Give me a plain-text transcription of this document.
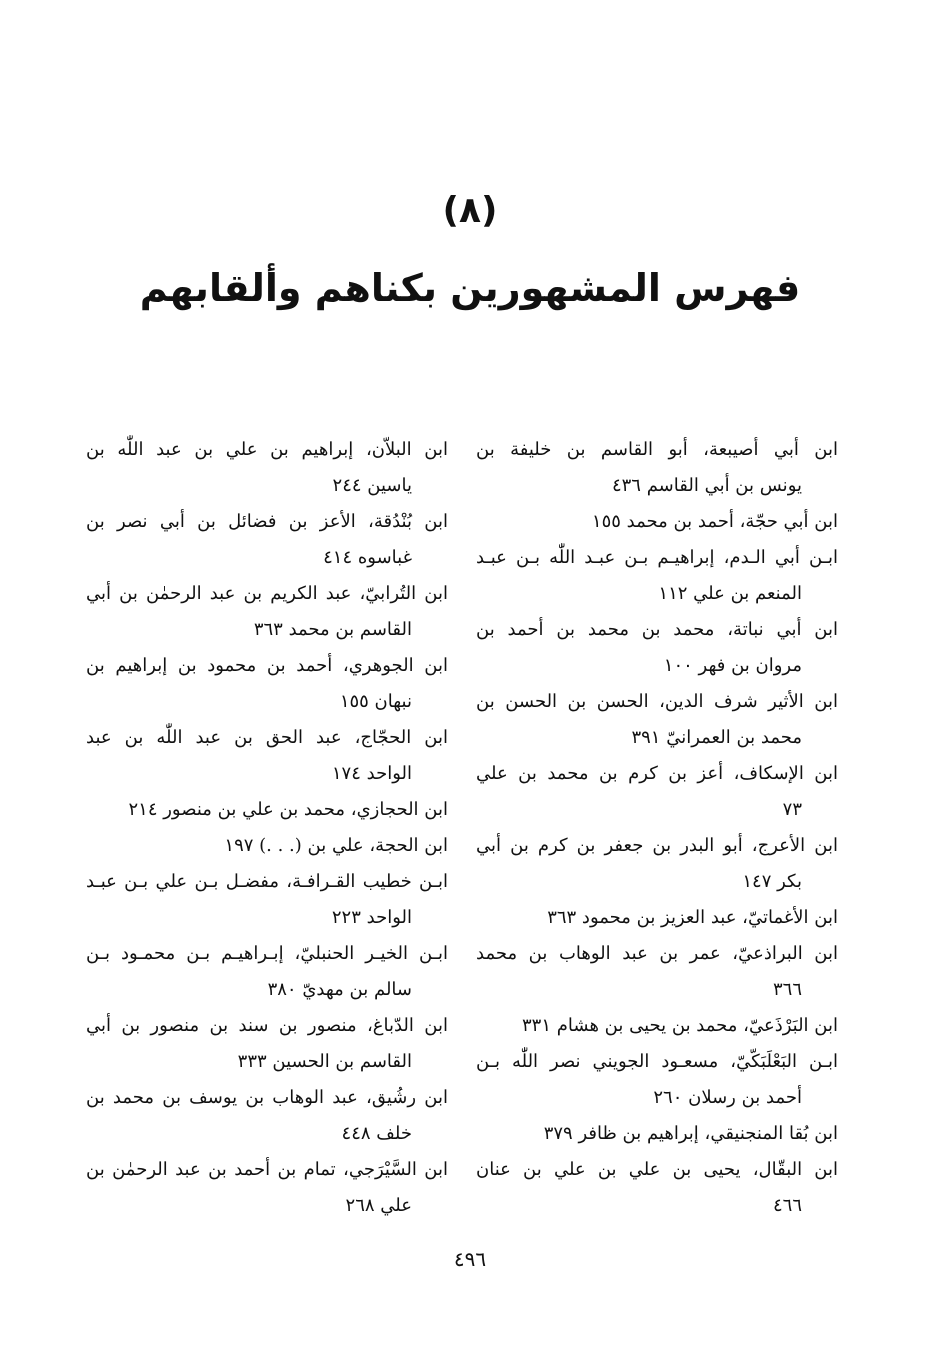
(٨)
فهرس المشهورين بكناهم وألقابهم
ابن أبي أصيبعة، أبو القاسم بن خليفة بن
يونس بن أبي القاسم ٤٣٦
ابن أبي حجّة، أحمد بن محمد ١٥٥
ابـن أبي الـدم، إبراهيـم بـن عبـد اللّٰه بـن عبـد
المنعم بن علي ١١٢
ابن أبي نباتة، محمد بن محمد بن أحمد بن
مروان بن فهر ١٠٠
ابن الأثير شرف الدين، الحسن بن الحسن بن
محمد بن العمرانيّ ٣٩١
ابن الإسكاف، أعز بن كرم بن محمد بن علي
٧٣
ابن الأعرج، أبو البدر بن جعفر بن كرم بن أبي
بكر ١٤٧
ابن الأغماتيّ، عبد العزيز بن محمود ٣٦٣
ابن البراذعيّ، عمر بن عبد الوهاب بن محمد
٣٦٦
ابن البَرْذَعيّ، محمد بن يحيى بن هشام ٣٣١
ابـن البَعْلَبَكّيّ، مسعـود الجويني نصر اللّٰه بـن
أحمد بن رسلان ٢٦٠
ابن بُقا المنجنيقي، إبراهيم بن ظافر ٣٧٩
ابن البقّال، يحيى بن علي بن علي بن عنان
٤٦٦
ابن البلاّن، إبراهيم بن علي بن عبد اللّٰه بن
ياسين ٢٤٤
ابن بُنْدُقة، الأعز بن فضائل بن أبي نصر بن
غباسوه ٤١٤
ابن التُرابيّ، عبد الكريم بن عبد الرحمٰن بن أبي
القاسم بن محمد ٣٦٣
ابن الجوهري، أحمد بن محمود بن إبراهيم بن
نبهان ١٥٥
ابن الحجّاج، عبد الحق بن عبد اللّٰه بن عبد
الواحد ١٧٤
ابن الحجازي، محمد بن علي بن منصور ٢١٤
ابن الحجة، علي بن (. . .) ١٩٧
ابـن خطيب القـرافـة، مفضـل بـن علي بـن عبـد
الواحد ٢٢٣
ابـن الخيـر الحنبليّ، إبـراهيـم بـن محمـود بـن
سالم بن مهديّ ٣٨٠
ابن الدّباغ، منصور بن سند بن منصور بن أبي
القاسم بن الحسين ٣٣٣
ابن رشُيق، عبد الوهاب بن يوسف بن محمد بن
خلف ٤٤٨
ابن السَّيْرَجي، تمام بن أحمد بن عبد الرحمٰن بن
علي ٢٦٨
٤٩٦
